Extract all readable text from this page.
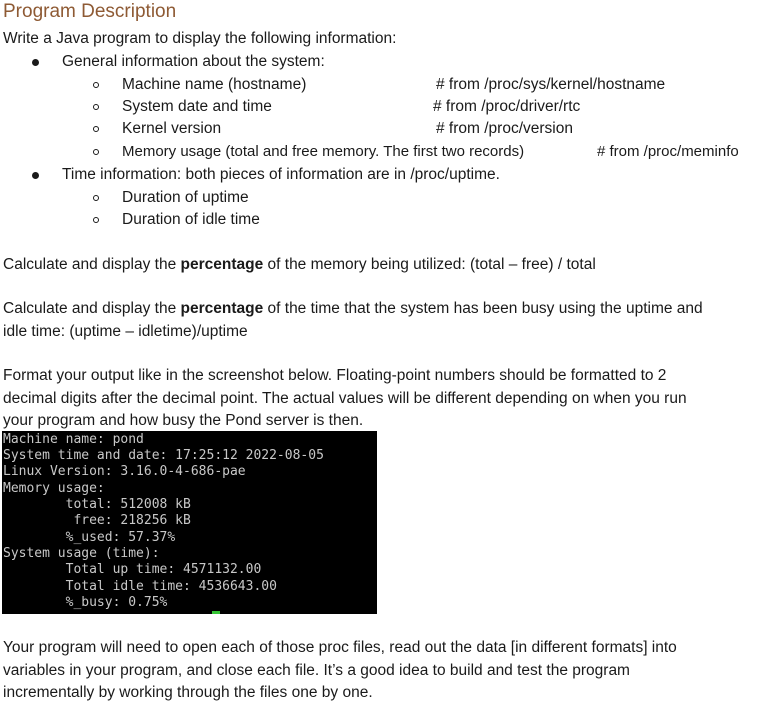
Program Description
Write a Java program to display the following information:
General information about the system:
Machine name (hostname)	# from /proc/sys/kernel/hostname
System date and time	# from /proc/driver/rtc
Kernel version	# from /proc/version
Memory usage (total and free memory. The first two records)	# from /proc/meminfo
Time information: both pieces of information are in /proc/uptime.
Duration of uptime
Duration of idle time
Calculate and display the percentage of the memory being utilized: (total – free) / total
Calculate and display the percentage of the time that the system has been busy using the uptime and
idle time: (uptime – idletime)/uptime
Format your output like in the screenshot below. Floating-point numbers should be formatted to 2
decimal digits after the decimal point. The actual values will be different depending on when you run
your program and how busy the Pond server is then.
Machine name: pond
System time and date: 17:25:12 2022-08-05
Linux Version: 3.16.0-4-686-pae
Memory usage:
total: 512008 kB
free: 218256 kB
%_used: 57.37%
System usage (time):
Total up time: 4571132.00
Total idle time: 4536643.00
%_busy: 0.75%
Your program will need to open each of those proc files, read out the data [in different formats] into
variables in your program, and close each file. It’s a good idea to build and test the program
incrementally by working through the files one by one.
